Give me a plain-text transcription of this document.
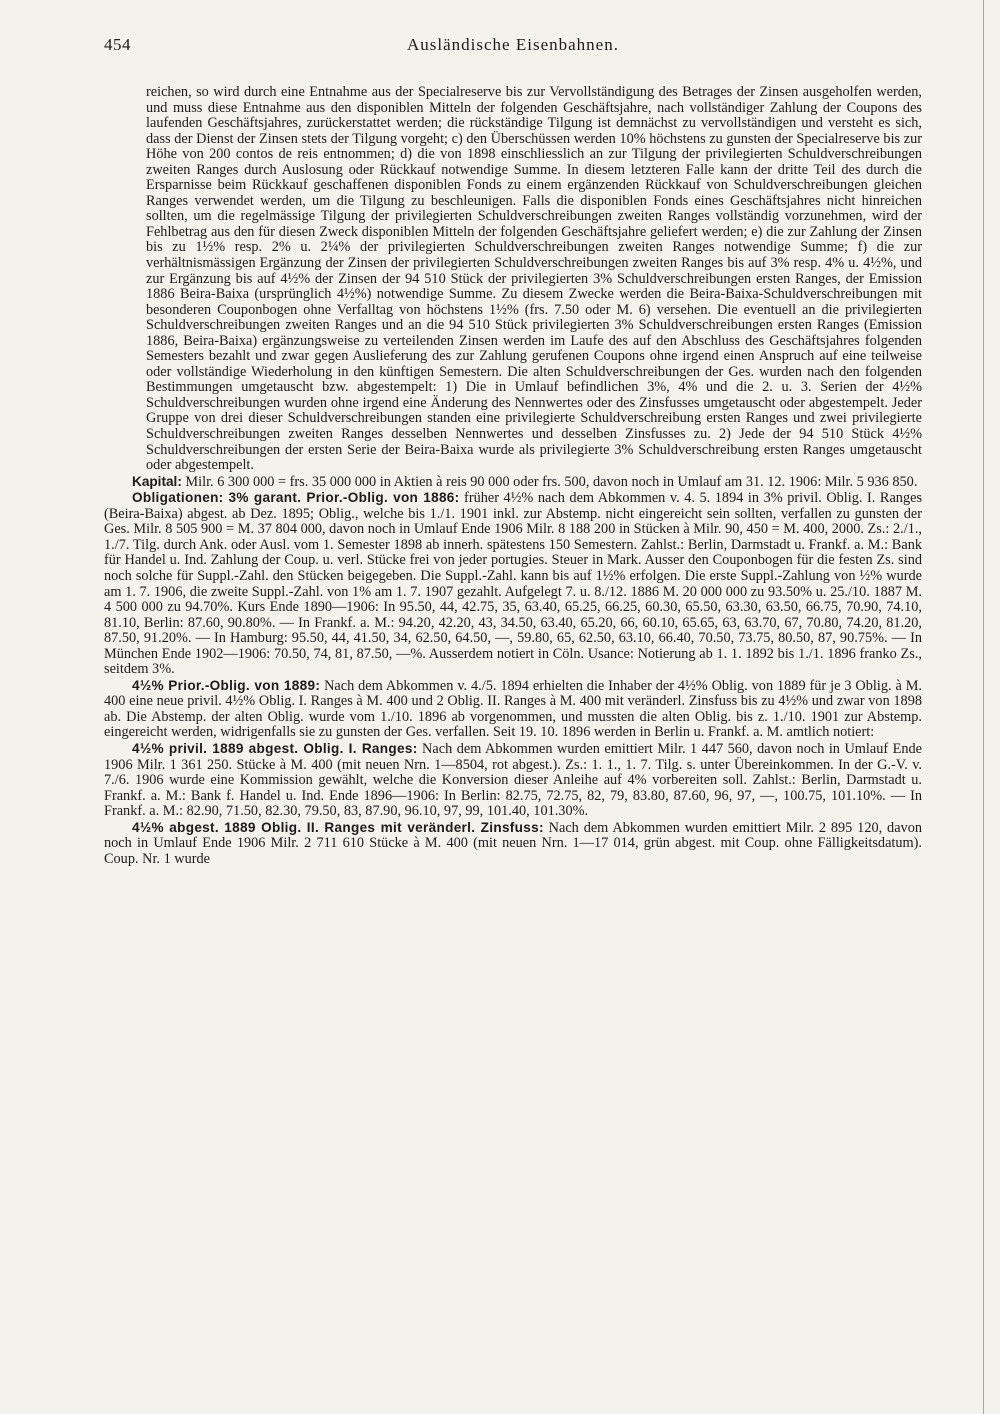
454	Ausländische Eisenbahnen.

reichen, so wird durch eine Entnahme aus der Specialreserve bis zur Vervollständigung des Betrages der Zinsen ausgeholfen werden, und muss diese Entnahme aus den disponiblen Mitteln der folgenden Geschäftsjahre, nach vollständiger Zahlung der Coupons des laufenden Geschäftsjahres, zurückerstattet werden; die rückständige Tilgung ist demnächst zu vervollständigen und versteht es sich, dass der Dienst der Zinsen stets der Tilgung vorgeht; c) den Überschüssen werden 10% höchstens zu gunsten der Specialreserve bis zur Höhe von 200 contos de reis entnommen; d) die von 1898 einschliesslich an zur Tilgung der privilegierten Schuldverschreibungen zweiten Ranges durch Auslosung oder Rückkauf notwendige Summe. In diesem letzteren Falle kann der dritte Teil des durch die Ersparnisse beim Rückkauf geschaffenen disponiblen Fonds zu einem ergänzenden Rückkauf von Schuldverschreibungen gleichen Ranges verwendet werden, um die Tilgung zu beschleunigen. Falls die disponiblen Fonds eines Geschäftsjahres nicht hinreichen sollten, um die regelmässige Tilgung der privilegierten Schuldverschreibungen zweiten Ranges vollständig vorzunehmen, wird der Fehlbetrag aus den für diesen Zweck disponiblen Mitteln der folgenden Geschäftsjahre geliefert werden; e) die zur Zahlung der Zinsen bis zu 1½% resp. 2% u. 2¼% der privilegierten Schuldverschreibungen zweiten Ranges notwendige Summe; f) die zur verhältnismässigen Ergänzung der Zinsen der privilegierten Schuldverschreibungen zweiten Ranges bis auf 3% resp. 4% u. 4½%, und zur Ergänzung bis auf 4½% der Zinsen der 94 510 Stück der privilegierten 3% Schuldverschreibungen ersten Ranges, der Emission 1886 Beira-Baixa (ursprünglich 4½%) notwendige Summe. Zu diesem Zwecke werden die Beira-Baixa-Schuldverschreibungen mit besonderen Couponbogen ohne Verfalltag von höchstens 1½% (frs. 7.50 oder M. 6) versehen. Die eventuell an die privilegierten Schuldverschreibungen zweiten Ranges und an die 94 510 Stück privilegierten 3% Schuldverschreibungen ersten Ranges (Emission 1886, Beira-Baixa) ergänzungsweise zu verteilenden Zinsen werden im Laufe des auf den Abschluss des Geschäftsjahres folgenden Semesters bezahlt und zwar gegen Auslieferung des zur Zahlung gerufenen Coupons ohne irgend einen Anspruch auf eine teilweise oder vollständige Wiederholung in den künftigen Semestern. Die alten Schuldverschreibungen der Ges. wurden nach den folgenden Bestimmungen umgetauscht bzw. abgestempelt: 1) Die in Umlauf befindlichen 3%, 4% und die 2. u. 3. Serien der 4½% Schuldverschreibungen wurden ohne irgend eine Änderung des Nennwertes oder des Zinsfusses umgetauscht oder abgestempelt. Jeder Gruppe von drei dieser Schuldverschreibungen standen eine privilegierte Schuldverschreibung ersten Ranges und zwei privilegierte Schuldverschreibungen zweiten Ranges desselben Nennwertes und desselben Zinsfusses zu. 2) Jede der 94 510 Stück 4½% Schuldverschreibungen der ersten Serie der Beira-Baixa wurde als privilegierte 3% Schuldverschreibung ersten Ranges umgetauscht oder abgestempelt.

Kapital: Milr. 6 300 000 = frs. 35 000 000 in Aktien à reis 90 000 oder frs. 500, davon noch in Umlauf am 31. 12. 1906: Milr. 5 936 850.

Obligationen: 3% garant. Prior.-Oblig. von 1886: früher 4½% nach dem Abkommen v. 4. 5. 1894 in 3% privil. Oblig. I. Ranges (Beira-Baixa) abgest. ab Dez. 1895; Oblig., welche bis 1./1. 1901 inkl. zur Abstemp. nicht eingereicht sein sollten, verfallen zu gunsten der Ges. Milr. 8 505 900 = M. 37 804 000, davon noch in Umlauf Ende 1906 Milr. 8 188 200 in Stücken à Milr. 90, 450 = M. 400, 2000. Zs.: 2./1., 1./7. Tilg. durch Ank. oder Ausl. vom 1. Semester 1898 ab innerh. spätestens 150 Semestern. Zahlst.: Berlin, Darmstadt u. Frankf. a. M.: Bank für Handel u. Ind. Zahlung der Coup. u. verl. Stücke frei von jeder portugies. Steuer in Mark. Ausser den Couponbogen für die festen Zs. sind noch solche für Suppl.-Zahl. den Stücken beigegeben. Die Suppl.-Zahl. kann bis auf 1½% erfolgen. Die erste Suppl.-Zahlung von ½% wurde am 1. 7. 1906, die zweite Suppl.-Zahl. von 1% am 1. 7. 1907 gezahlt. Aufgelegt 7. u. 8./12. 1886 M. 20 000 000 zu 93.50% u. 25./10. 1887 M. 4 500 000 zu 94.70%. Kurs Ende 1890—1906: In 95.50, 44, 42.75, 35, 63.40, 65.25, 66.25, 60.30, 65.50, 63.30, 63.50, 66.75, 70.90, 74.10, 81.10, Berlin: 87.60, 90.80%. — In Frankf. a. M.: 94.20, 42.20, 43, 34.50, 63.40, 65.20, 66, 60.10, 65.65, 63, 63.70, 67, 70.80, 74.20, 81.20, 87.50, 91.20%. — In Hamburg: 95.50, 44, 41.50, 34, 62.50, 64.50, —, 59.80, 65, 62.50, 63.10, 66.40, 70.50, 73.75, 80.50, 87, 90.75%. — In München Ende 1902—1906: 70.50, 74, 81, 87.50, —%. Ausserdem notiert in Cöln. Usance: Notierung ab 1. 1. 1892 bis 1./1. 1896 franko Zs., seitdem 3%.

4½% Prior.-Oblig. von 1889: Nach dem Abkommen v. 4./5. 1894 erhielten die Inhaber der 4½% Oblig. von 1889 für je 3 Oblig. à M. 400 eine neue privil. 4½% Oblig. I. Ranges à M. 400 und 2 Oblig. II. Ranges à M. 400 mit veränderl. Zinsfuss bis zu 4½% und zwar von 1898 ab. Die Abstemp. der alten Oblig. wurde vom 1./10. 1896 ab vorgenommen, und mussten die alten Oblig. bis z. 1./10. 1901 zur Abstemp. eingereicht werden, widrigenfalls sie zu gunsten der Ges. verfallen. Seit 19. 10. 1896 werden in Berlin u. Frankf. a. M. amtlich notiert:

4½% privil. 1889 abgest. Oblig. I. Ranges: Nach dem Abkommen wurden emittiert Milr. 1 447 560, davon noch in Umlauf Ende 1906 Milr. 1 361 250. Stücke à M. 400 (mit neuen Nrn. 1—8504, rot abgest.). Zs.: 1. 1., 1. 7. Tilg. s. unter Übereinkommen. In der G.-V. v. 7./6. 1906 wurde eine Kommission gewählt, welche die Konversion dieser Anleihe auf 4% vorbereiten soll. Zahlst.: Berlin, Darmstadt u. Frankf. a. M.: Bank f. Handel u. Ind. Ende 1896—1906: In Berlin: 82.75, 72.75, 82, 79, 83.80, 87.60, 96, 97, —, 100.75, 101.10%. — In Frankf. a. M.: 82.90, 71.50, 82.30, 79.50, 83, 87.90, 96.10, 97, 99, 101.40, 101.30%.

4½% abgest. 1889 Oblig. II. Ranges mit veränderl. Zinsfuss: Nach dem Abkommen wurden emittiert Milr. 2 895 120, davon noch in Umlauf Ende 1906 Milr. 2 711 610 Stücke à M. 400 (mit neuen Nrn. 1—17 014, grün abgest. mit Coup. ohne Fälligkeitsdatum). Coup. Nr. 1 wurde
